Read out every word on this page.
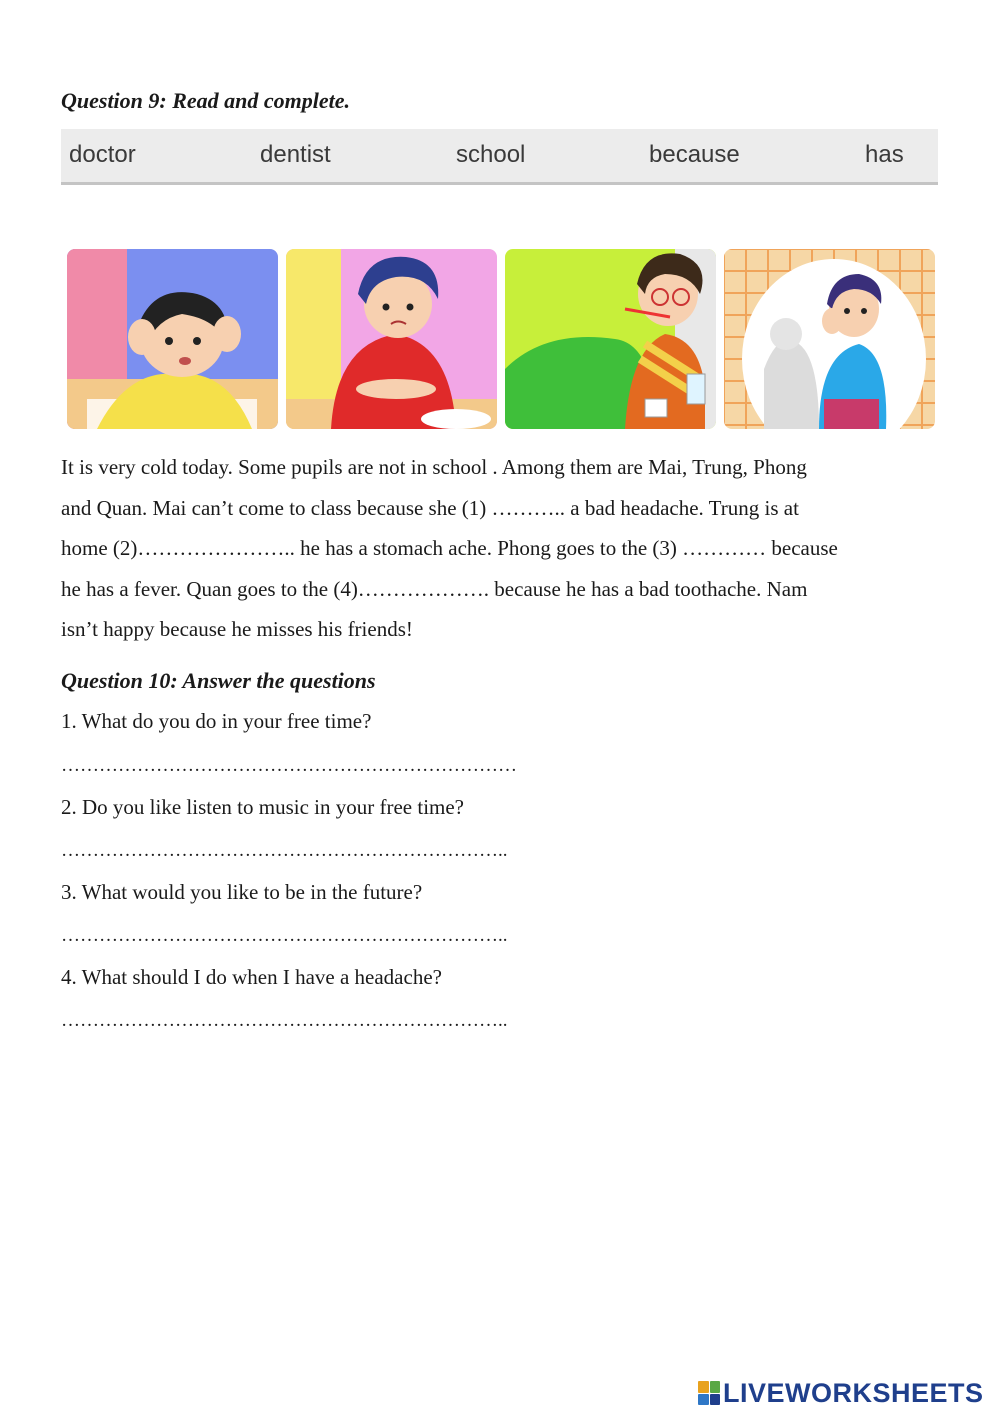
Question 9: Read and complete.
doctor	dentist	school	because	has

It is very cold today. Some pupils are not in school . Among them are Mai, Trung, Phong

and Quan. Mai can’t come to class because she (1) ……….. a bad headache. Trung is at

home (2)………………….. he has a stomach ache. Phong goes to the (3) ………… because

he has a fever. Quan goes to the (4)………………. because he has a bad toothache. Nam

isn’t happy because he misses his friends!

Question 10: Answer the questions
1. What do you do in your free time?
………………………………………………………………
2. Do you like listen to music in your free time?
……………………………………………………………..
3. What would you like to be in the future?
……………………………………………………………..
4. What should I do when I have a headache?
……………………………………………………………..
LIVEWORKSHEETS
